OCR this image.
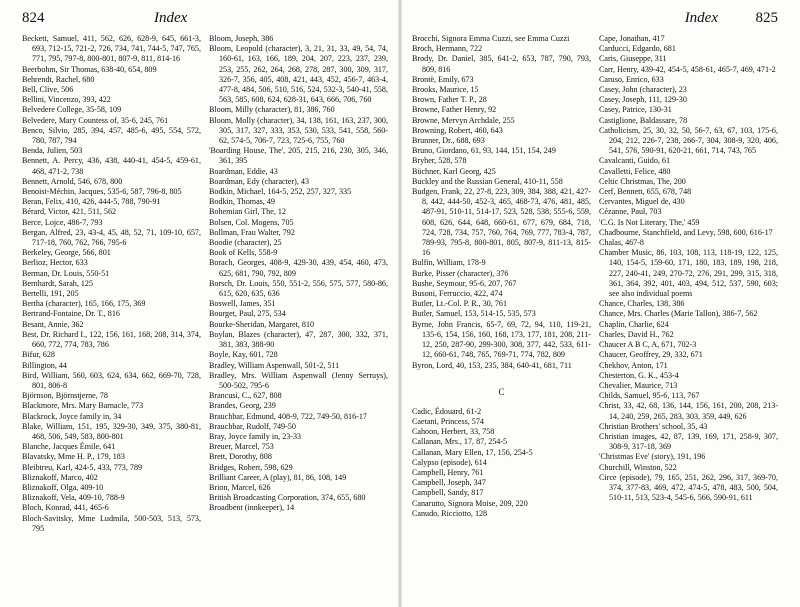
824	Index

Beckett, Samuel, 411, 562, 626, 628-9, 645, 661-3, 693, 712-15, 721-2, 726, 734, 741, 744-5, 747, 765, 771, 795, 797-8, 800-801, 807-9, 811, 814-16

Beerbohm, Sir Thomas, 638-40, 654, 809

Behrendt, Rachel, 680

Bell, Clive, 506

Bellini, Vincenzo, 393, 422

Belvedere College, 35-58, 109

Belvedere, Mary Countess of, 35-6, 245, 761

Benco, Silvio, 285, 394, 457, 485-6, 495, 554, 572, 780, 787, 794

Benda, Julien, 503

Bennett, A. Percy, 436, 438, 440-41, 454-5, 459-61, 468, 471-2, 738

Bennett, Arnold, 546, 678, 800

Benoist-Méchin, Jacques, 535-6, 587, 796-8, 805

Beran, Felix, 410, 426, 444-5, 788, 790-91

Bérard, Victor, 421, 511, 562

Berce, Lojce, 486-7, 793

Bergan, Alfred, 23, 43-4, 45, 48, 52, 71, 109-10, 657, 717-18, 760, 762, 766, 795-6

Berkeley, George, 566, 801

Berlioz, Hector, 633

Berman, Dr. Louis, 550-51

Bernhardt, Sarah, 125

Bertelli, 191, 205

Bertha (character), 165, 166, 175, 369

Bertrand-Fontaine, Dr. T., 816

Besant, Annie, 362

Best, Dr. Richard I., 122, 156, 161, 168, 208, 314, 374, 660, 772, 774, 783, 786

Bifur, 628

Billington, 44

Bird, William, 560, 603, 624, 634, 662, 669-70, 728, 801, 806-8

Björnson, Björnstjerne, 78

Blackmore, Mrs. Mary Barnacle, 773

Blackrock, Joyce family in, 34

Blake, William, 151, 195, 329-30, 349, 375, 380-81, 468, 506, 549, 583, 800-801

Blanche, Jacques Émile, 641

Blavatsky, Mme H. P., 179, 183

Bleibtreu, Karl, 424-5, 433, 773, 789

Bliznakoff, Marco, 402

Bliznakoff, Olga, 409-10

Bliznakoff, Vela, 409-10, 788-9

Bloch, Konrad, 441, 465-6

Bloch-Savitsky, Mme Ludmila, 500-503, 513, 573, 795

Bloom, Joseph, 386

Bloom, Leopold (character), 3, 21, 31, 33, 49, 54, 74, 160-61, 163, 166, 189, 204, 207, 223, 237, 239, 253, 255, 262, 264, 268, 278, 287, 300, 309, 317, 326-7, 356, 405, 408, 421, 443, 452, 456-7, 463-4, 477-8, 484, 506, 510, 516, 524, 532-3, 540-41, 558, 563, 585, 608, 624, 628-31, 643, 666, 706, 760

Bloom, Milly (character), 81, 386, 760

Bloom, Molly (character), 34, 138, 161, 163, 237, 300, 305, 317, 327, 333, 353, 530, 533, 541, 558, 560-62, 574-5, 706-7, 723, 725-6, 755, 760

'Boarding House, The', 205, 215, 216, 230, 305, 346, 361, 395

Boardman, Eddie, 43

Boardman, Edy (character), 43

Bodkin, Michael, 164-5, 252, 257, 327, 335

Bodkin, Thomas, 49

Bohemian Girl, The, 12

Bolsen, Col. Mogens, 705

Bollman, Frau Walter, 792

Boodie (character), 25

Book of Kells, 558-9

Borach, Georges, 408-9, 429-30, 439, 454, 460, 473, 625, 681, 790, 792, 809

Borsch, Dr. Louis, 550, 551-2, 556, 575, 577, 580-86, 615, 620, 635, 636

Boswell, James, 351

Bourget, Paul, 275, 534

Bourke-Sheridan, Margaret, 810

Boylan, Blazes (character), 47, 287, 300, 332, 371, 381, 383, 388-90

Boyle, Kay, 601, 728

Bradley, William Aspenwall, 501-2, 511

Bradley, Mrs. William Aspenwall (Jenny Serruys), 500-502, 795-6

Brancusi, C., 627, 808

Brandes, Georg, 239

Brauchbar, Edmund, 408-9, 722, 749-50, 816-17

Brauchbar, Rudolf, 749-50

Bray, Joyce family in, 23-33

Breuer, Marcel, 753

Brett, Dorothy, 808

Bridges, Robert, 598, 629

Brilliant Career, A (play), 81, 86, 108, 149

Brion, Marcel, 626

British Broadcasting Corporation, 374, 655, 680

Broadbent (innkeeper), 14

Index	825

Brocchi, Signora Emma Cuzzi, see Emma Cuzzi

Broch, Hermann, 722

Brody, Dr. Daniel, 385, 641-2, 653, 787, 790, 793, 809, 816

Brontë, Emily, 673

Brooks, Maurice, 15

Brown, Father T. P., 28

Browne, Father Henry, 92

Browne, Mervyn Archdale, 255

Browning, Robert, 460, 643

Brunner, Dr., 688, 693

Bruno, Giordano, 61, 93, 144, 151, 154, 249

Bryher, 528, 578

Büchner, Karl Georg, 425

Buckley and the Russian General, 410-11, 558

Budgen, Frank, 22, 27-8, 223, 309, 384, 388, 421, 427-8, 442, 444-50, 452-3, 465, 468-73, 476, 481, 485, 487-91, 510-11, 514-17, 523, 528, 538, 555-6, 559, 608, 626, 644, 648, 660-61, 677, 679, 684, 718, 724, 728, 734, 757, 760, 764, 769, 777, 783-4, 787, 789-93, 795-8, 800-801, 805, 807-9, 811-13, 815-16

Bulfin, William, 178-9

Burke, Pisser (character), 376

Bushe, Seymour, 95-6, 207, 767

Busoni, Ferruccio, 422, 474

Butler, Lt.-Col. P. R., 30, 761

Butler, Samuel, 153, 514-15, 535, 573

Byrne, John Francis, 65-7, 69, 72, 94, 110, 119-21, 135-6, 154, 156, 160, 168, 173, 177, 181, 208, 211-12, 250, 287-90, 299-300, 308, 377, 442, 533, 611-12, 660-61, 748, 765, 769-71, 774, 782, 809

Byron, Lord, 40, 153, 235, 384, 640-41, 681, 711

C

Cadic, Édouard, 61-2

Caetani, Princess, 574

Cahoon, Herbert, 33, 758

Callanan, Mrs., 17, 87, 254-5

Callanan, Mary Ellen, 17, 156, 254-5

Calypso (episode), 614

Campbell, Henry, 761

Campbell, Joseph, 347

Campbell, Sandy, 817

Canarutto, Signora Moise, 209, 220

Canudo, Ricciotto, 128

Cape, Jonathan, 417

Carducci, Edgardo, 681

Caris, Giuseppe, 311

Carr, Henry, 439-42, 454-5, 458-61, 465-7, 469, 471-2

Caruso, Enrico, 633

Casey, John (character), 23

Casey, Joseph, 111, 129-30

Casey, Patrice, 130-31

Castiglione, Baldassare, 78

Catholicism, 25, 30, 32, 50, 56-7, 63, 67, 103, 175-6, 204, 212, 226-7, 238, 266-7, 304, 308-9, 320, 406, 541, 576, 590-91, 620-21, 661, 714, 743, 765

Cavalcanti, Guido, 61

Cavalletti, Felice, 480

Celtic Christmas, The, 200

Cerf, Bennett, 655, 678, 748

Cervantes, Miguel de, 430

Cézanne, Paul, 703

'C.G. Is Not Literary, The,' 459

Chadbourne, Stanchfield, and Levy, 598, 600, 616-17

Chalas, 467-8

Chamber Music, 86, 103, 108, 113, 118-19, 122, 125, 140, 154-5, 159-60, 171, 180, 183, 189, 198, 218, 227, 240-41, 249, 270-72, 276, 291, 299, 315, 318, 361, 364, 392, 401, 403, 494, 512, 537, 590, 603; see also individual poems

Chance, Charles, 138, 386

Chance, Mrs. Charles (Marie Tallon), 386-7, 562

Chaplin, Charlie, 624

Charles, David H., 762

Chaucer A B C, A, 671, 702-3

Chaucer, Geoffrey, 29, 332, 671

Chekhov, Anton, 171

Chesterton, G. K., 453-4

Chevalier, Maurice, 713

Childs, Samuel, 95-6, 113, 767

Christ, 33, 42, 68, 136, 144, 156, 161, 200, 208, 213-14, 240, 259, 265, 283, 303, 359, 449, 626

Christian Brothers' school, 35, 43

Christian images, 42, 87, 139, 169, 171, 258-9, 307, 308-9, 317-18, 369

'Christmas Eve' (story), 191, 196

Churchill, Winston, 522

Circe (episode), 79, 165, 251, 262, 296, 317, 369-70, 374, 377-83, 469, 472, 474-5, 478, 483, 500, 504, 510-11, 513, 523-4, 545-6, 566, 590-91, 611
